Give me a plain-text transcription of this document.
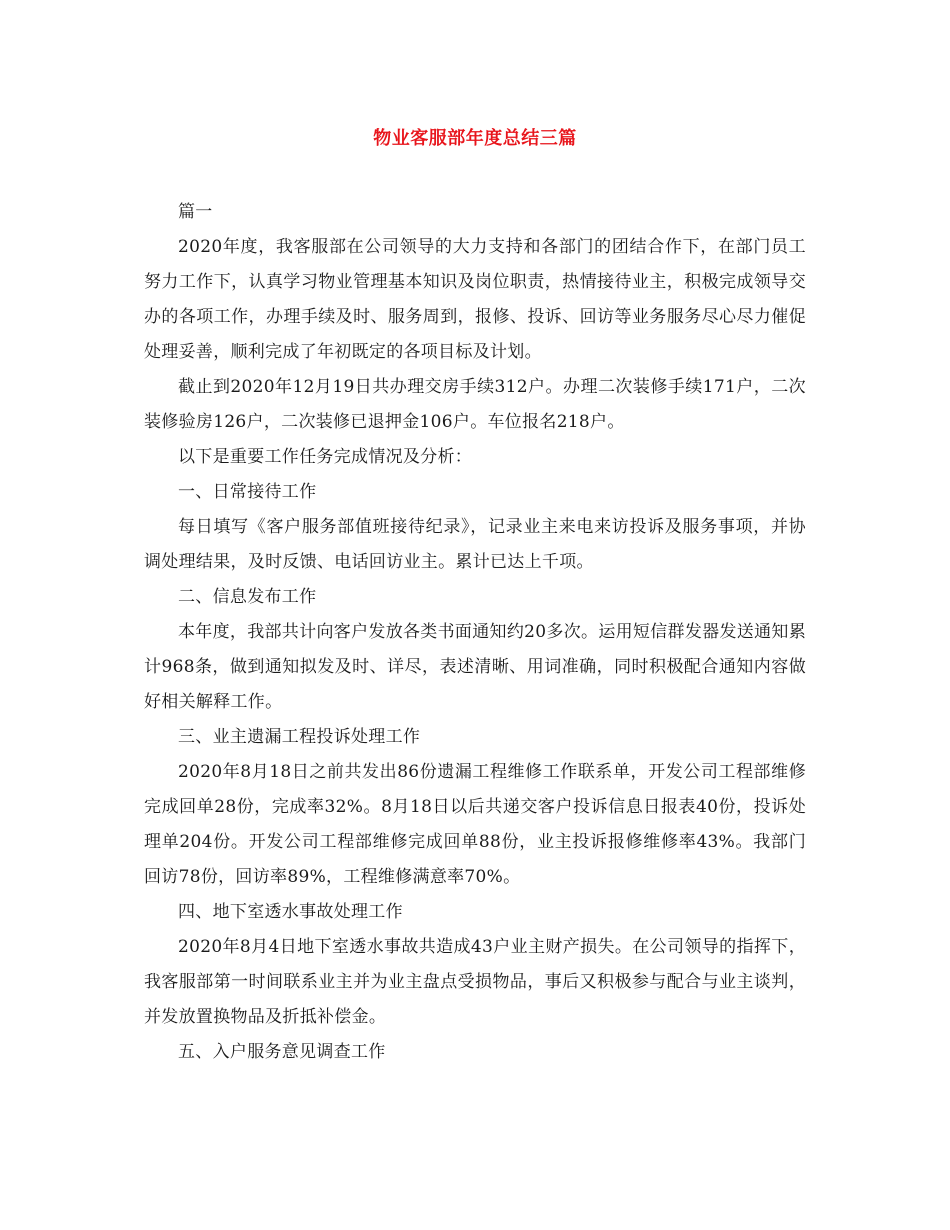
物业客服部年度总结三篇

篇一

2020年度，我客服部在公司领导的大力支持和各部门的团结合作下，在部门员工努力工作下，认真学习物业管理基本知识及岗位职责，热情接待业主，积极完成领导交办的各项工作，办理手续及时、服务周到，报修、投诉、回访等业务服务尽心尽力催促处理妥善，顺利完成了年初既定的各项目标及计划。

截止到2020年12月19日共办理交房手续312户。办理二次装修手续171户，二次装修验房126户，二次装修已退押金106户。车位报名218户。

以下是重要工作任务完成情况及分析：

一、日常接待工作

每日填写《客户服务部值班接待纪录》，记录业主来电来访投诉及服务事项，并协调处理结果，及时反馈、电话回访业主。累计已达上千项。

二、信息发布工作

本年度，我部共计向客户发放各类书面通知约20多次。运用短信群发器发送通知累计968条，做到通知拟发及时、详尽，表述清晰、用词准确，同时积极配合通知内容做好相关解释工作。

三、业主遗漏工程投诉处理工作

2020年8月18日之前共发出86份遗漏工程维修工作联系单，开发公司工程部维修完成回单28份，完成率32%。8月18日以后共递交客户投诉信息日报表40份，投诉处理单204份。开发公司工程部维修完成回单88份，业主投诉报修维修率43%。我部门回访78份，回访率89%，工程维修满意率70%。

四、地下室透水事故处理工作

2020年8月4日地下室透水事故共造成43户业主财产损失。在公司领导的指挥下，我客服部第一时间联系业主并为业主盘点受损物品，事后又积极参与配合与业主谈判，并发放置换物品及折抵补偿金。

五、入户服务意见调查工作
